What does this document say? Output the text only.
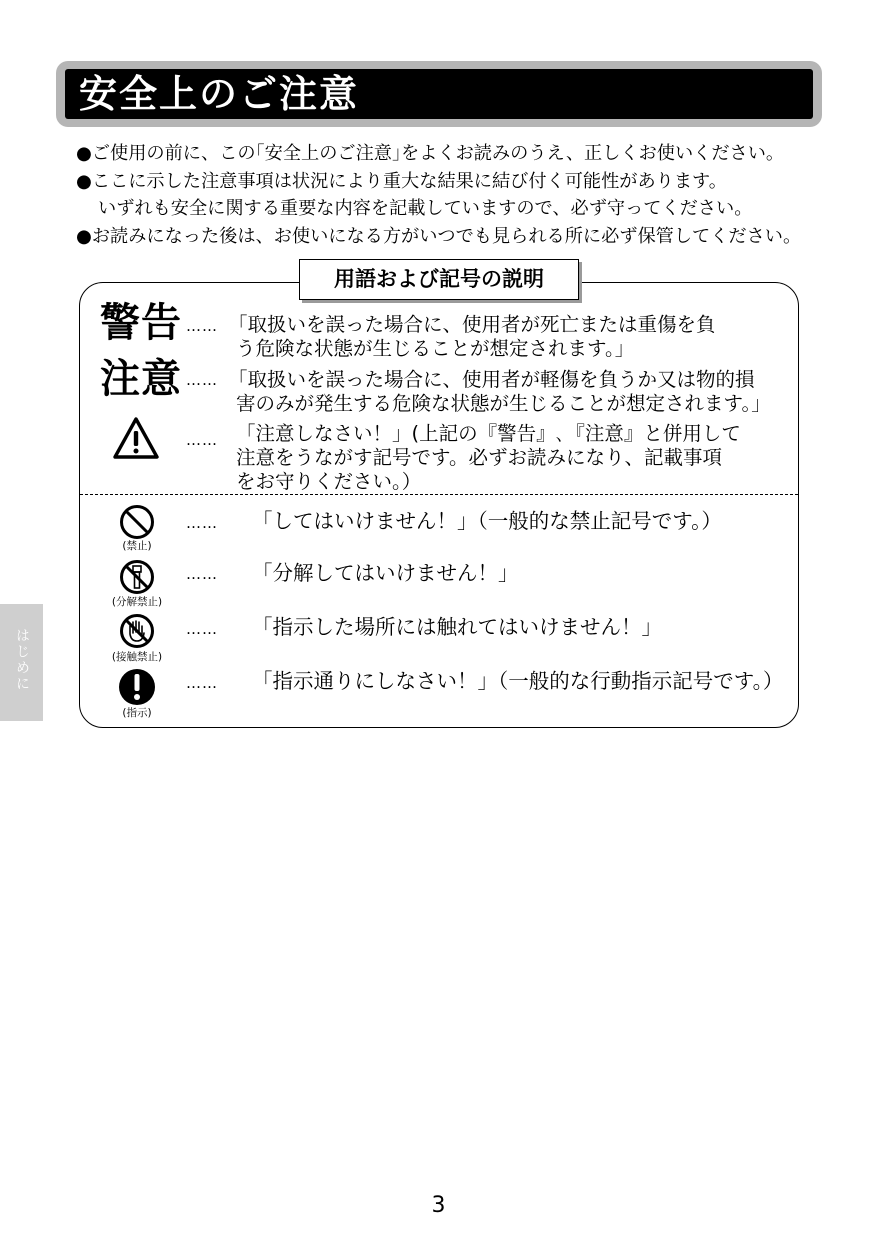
安全上のご注意
●ご使用の前に、この｢安全上のご注意｣をよくお読みのうえ、正しくお使いください。
●ここに示した注意事項は状況により重大な結果に結び付く可能性があります。
いずれも安全に関する重要な内容を記載していますので、必ず守ってください。
●お読みになった後は、お使いになる方がいつでも見られる所に必ず保管してください。
用語および記号の説明
警告 …… 「取扱いを誤った場合に、使用者が死亡または重傷を負
う危険な状態が生じることが想定されます。」
注意 …… 「取扱いを誤った場合に、使用者が軽傷を負うか又は物的損
害のみが発生する危険な状態が生じることが想定されます。」
…… 「注意しなさい！」(上記の『警告』､『注意』と併用して
注意をうながす記号です。必ずお読みになり、記載事項
をお守りください。）
(禁止)
…… 「してはいけません！」（一般的な禁止記号です。）
(分解禁止)
…… 「分解してはいけません！」
(接触禁止)
…… 「指示した場所には触れてはいけません！」
(指示)
…… 「指示通りにしなさい！」（一般的な行動指示記号です。）
はじめに
3
